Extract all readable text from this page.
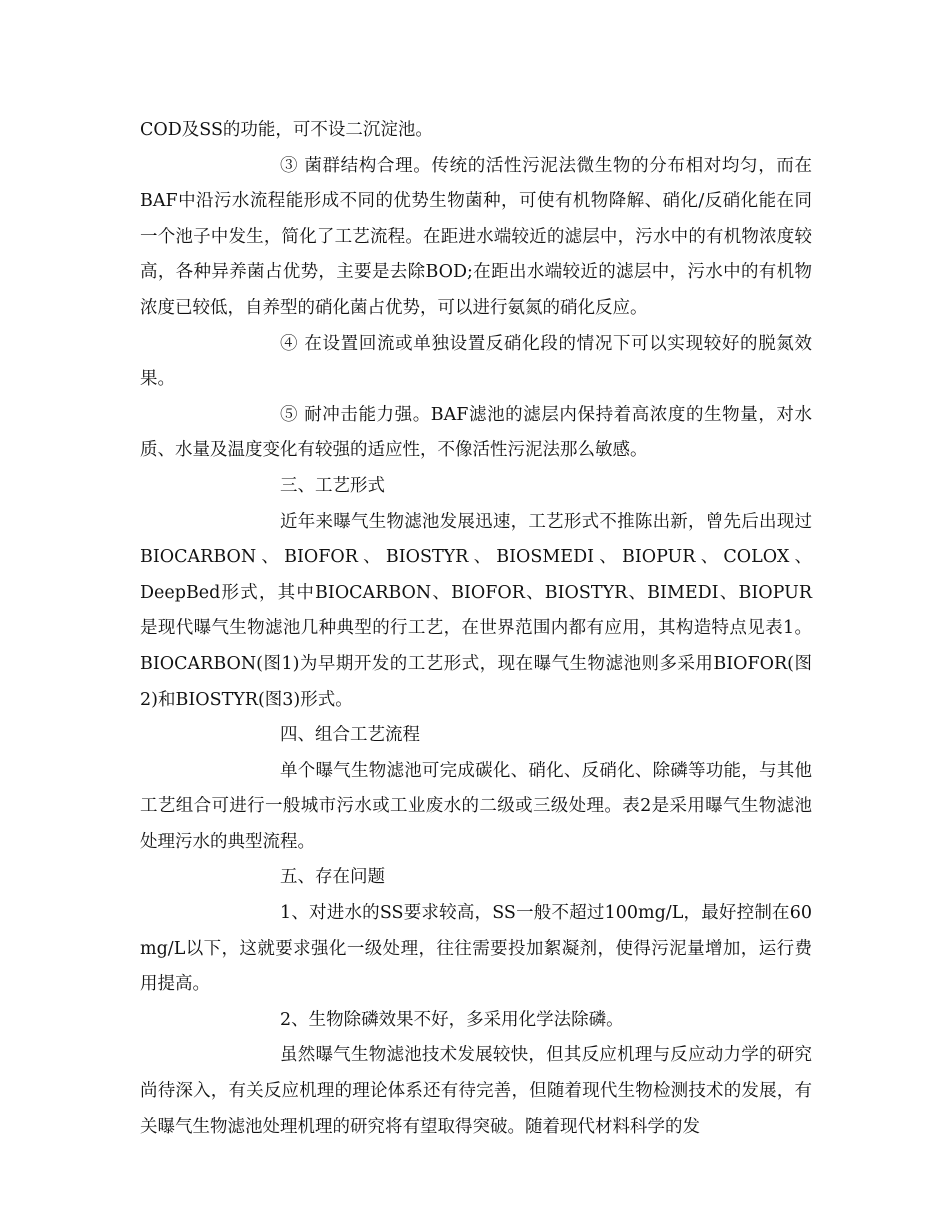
COD及SS的功能，可不设二沉淀池。

③ 菌群结构合理。传统的活性污泥法微生物的分布相对均匀，而在BAF中沿污水流程能形成不同的优势生物菌种，可使有机物降解、硝化/反硝化能在同一个池子中发生，简化了工艺流程。在距进水端较近的滤层中，污水中的有机物浓度较高，各种异养菌占优势，主要是去除BOD;在距出水端较近的滤层中，污水中的有机物浓度已较低，自养型的硝化菌占优势，可以进行氨氮的硝化反应。

④ 在设置回流或单独设置反硝化段的情况下可以实现较好的脱氮效果。

⑤ 耐冲击能力强。BAF滤池的滤层内保持着高浓度的生物量，对水质、水量及温度变化有较强的适应性，不像活性污泥法那么敏感。

三、工艺形式

近年来曝气生物滤池发展迅速，工艺形式不推陈出新，曾先后出现过BIOCARBON、BIOFOR、BIOSTYR、BIOSMEDI、BIOPUR、COLOX、DeepBed形式，其中BIOCARBON、BIOFOR、BIOSTYR、BIMEDI、BIOPUR是现代曝气生物滤池几种典型的行工艺，在世界范围内都有应用，其构造特点见表1。BIOCARBON(图1)为早期开发的工艺形式，现在曝气生物滤池则多采用BIOFOR(图2)和BIOSTYR(图3)形式。

四、组合工艺流程

单个曝气生物滤池可完成碳化、硝化、反硝化、除磷等功能，与其他工艺组合可进行一般城市污水或工业废水的二级或三级处理。表2是采用曝气生物滤池处理污水的典型流程。

五、存在问题

1、对进水的SS要求较高，SS一般不超过100mg/L，最好控制在60 mg/L以下，这就要求强化一级处理，往往需要投加絮凝剂，使得污泥量增加，运行费用提高。

2、生物除磷效果不好，多采用化学法除磷。

虽然曝气生物滤池技术发展较快，但其反应机理与反应动力学的研究尚待深入，有关反应机理的理论体系还有待完善，但随着现代生物检测技术的发展，有关曝气生物滤池处理机理的研究将有望取得突破。随着现代材料科学的发
